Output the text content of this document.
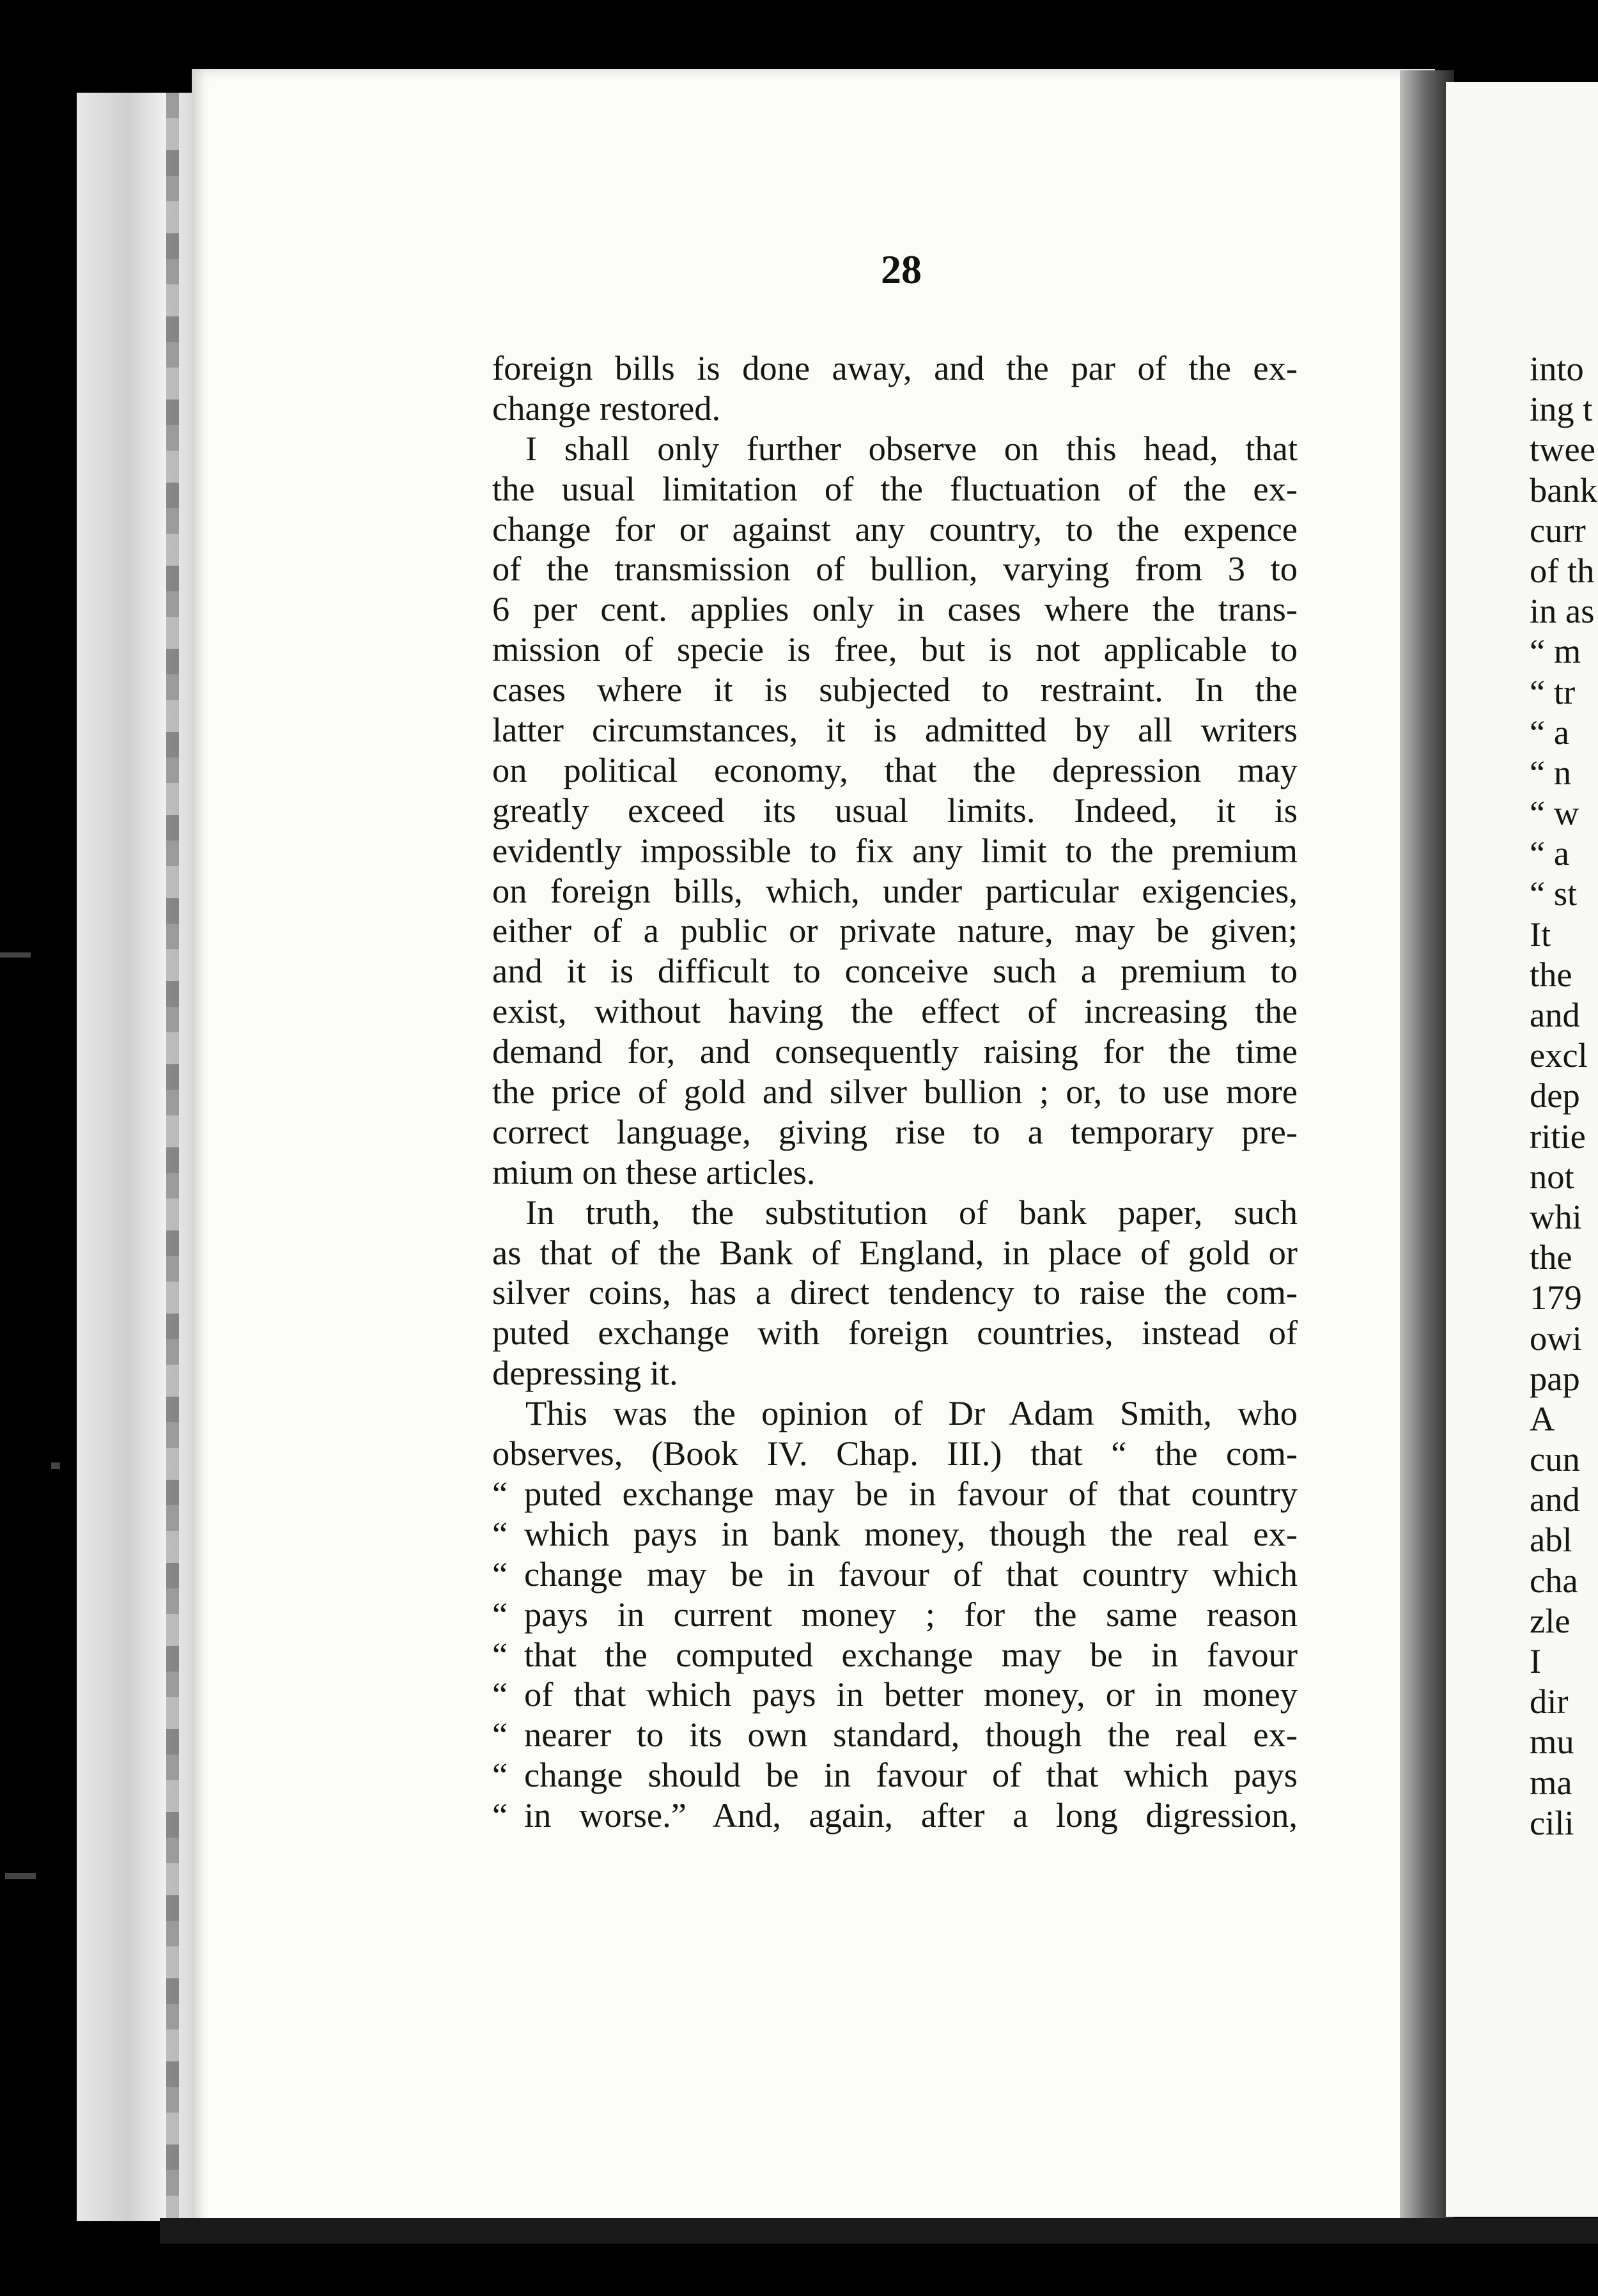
28
foreign bills is done away, and the par of the ex-
change restored.
I shall only further observe on this head, that
the usual limitation of the fluctuation of the ex-
change for or against any country, to the expence
of the transmission of bullion, varying from 3 to
6 per cent. applies only in cases where the trans-
mission of specie is free, but is not applicable to
cases where it is subjected to restraint. In the
latter circumstances, it is admitted by all writers
on political economy, that the depression may
greatly exceed its usual limits. Indeed, it is
evidently impossible to fix any limit to the premium
on foreign bills, which, under particular exigencies,
either of a public or private nature, may be given;
and it is difficult to conceive such a premium to
exist, without having the effect of increasing the
demand for, and consequently raising for the time
the price of gold and silver bullion ; or, to use more
correct language, giving rise to a temporary pre-
mium on these articles.
In truth, the substitution of bank paper, such
as that of the Bank of England, in place of gold or
silver coins, has a direct tendency to raise the com-
puted exchange with foreign countries, instead of
depressing it.
This was the opinion of Dr Adam Smith, who
observes, (Book IV. Chap. III.) that “ the com-
“ puted exchange may be in favour of that country
“ which pays in bank money, though the real ex-
“ change may be in favour of that country which
“ pays in current money ; for the same reason
“ that the computed exchange may be in favour
“ of that which pays in better money, or in money
“ nearer to its own standard, though the real ex-
“ change should be in favour of that which pays
“ in worse.” And, again, after a long digression,
into
ing t
twee
bank
curr
of th
in as
“ m
“ tr
“ a
“ n
“ w
“ a
“ st
It
the
and
excl
dep
ritie
not
whi
the
179
owi
pap
A
cun
and
abl
cha
zle
I
dir
mu
ma
cili
